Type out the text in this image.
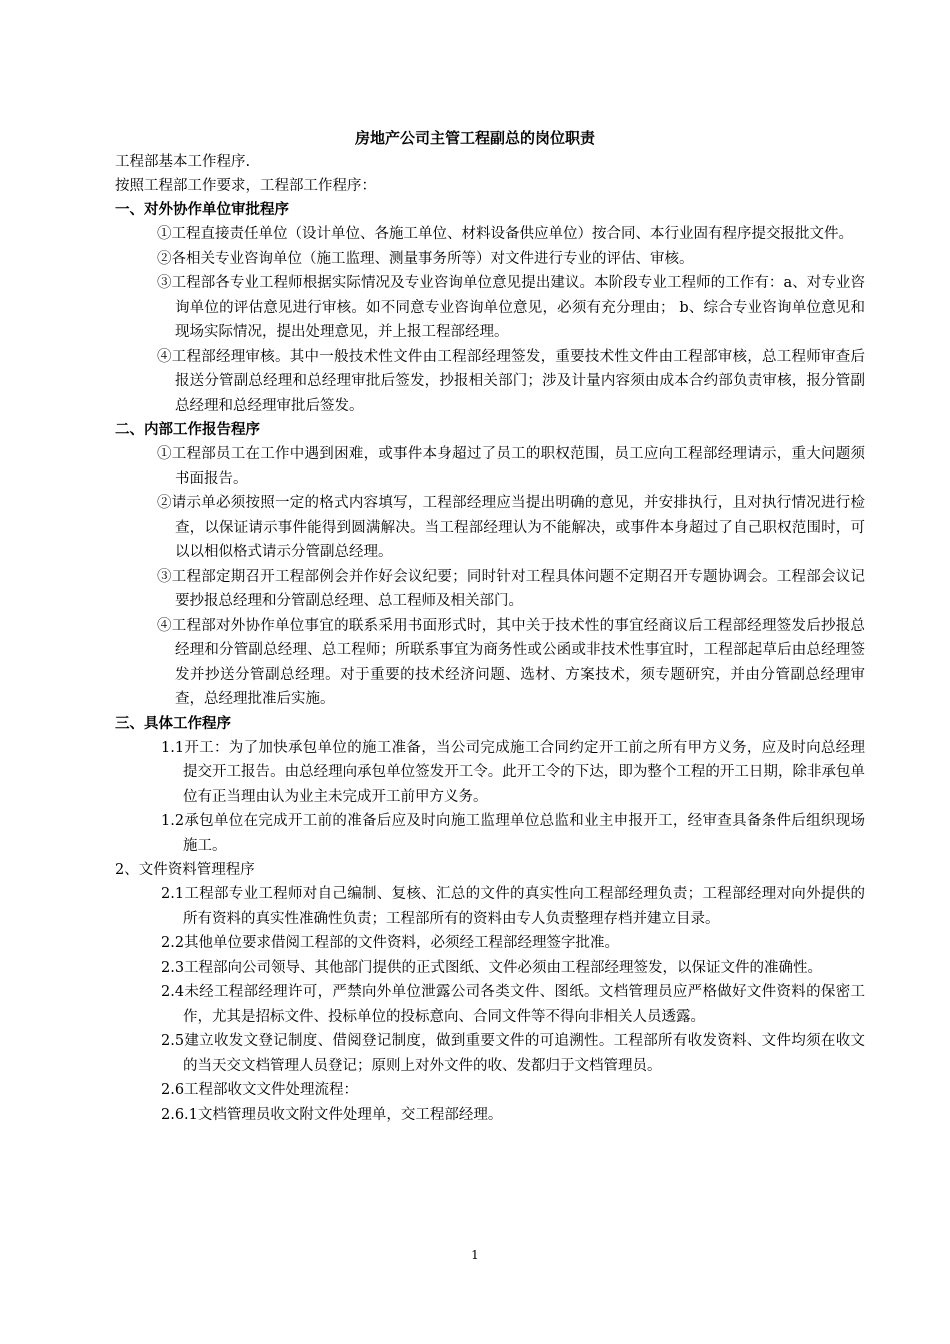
房地产公司主管工程副总的岗位职责

工程部基本工作程序.

按照工程部工作要求，工程部工作程序：

一、对外协作单位审批程序

①工程直接责任单位（设计单位、各施工单位、材料设备供应单位）按合同、本行业固有程序提交报批文件。

②各相关专业咨询单位（施工监理、测量事务所等）对文件进行专业的评估、审核。

③工程部各专业工程师根据实际情况及专业咨询单位意见提出建议。本阶段专业工程师的工作有：a、对专业咨询单位的评估意见进行审核。如不同意专业咨询单位意见，必须有充分理由； b、综合专业咨询单位意见和现场实际情况，提出处理意见，并上报工程部经理。

④工程部经理审核。其中一般技术性文件由工程部经理签发，重要技术性文件由工程部审核，总工程师审查后报送分管副总经理和总经理审批后签发，抄报相关部门；涉及计量内容须由成本合约部负责审核，报分管副总经理和总经理审批后签发。

二、内部工作报告程序

①工程部员工在工作中遇到困难，或事件本身超过了员工的职权范围，员工应向工程部经理请示，重大问题须书面报告。

②请示单必须按照一定的格式内容填写，工程部经理应当提出明确的意见，并安排执行，且对执行情况进行检查，以保证请示事件能得到圆满解决。当工程部经理认为不能解决，或事件本身超过了自己职权范围时，可以以相似格式请示分管副总经理。

③工程部定期召开工程部例会并作好会议纪要；同时针对工程具体问题不定期召开专题协调会。工程部会议记要抄报总经理和分管副总经理、总工程师及相关部门。

④工程部对外协作单位事宜的联系采用书面形式时，其中关于技术性的事宜经商议后工程部经理签发后抄报总经理和分管副总经理、总工程师；所联系事宜为商务性或公函或非技术性事宜时，工程部起草后由总经理签发并抄送分管副总经理。对于重要的技术经济问题、选材、方案技术，须专题研究，并由分管副总经理审查，总经理批准后实施。

三、具体工作程序

1.1开工：为了加快承包单位的施工准备，当公司完成施工合同约定开工前之所有甲方义务，应及时向总经理提交开工报告。由总经理向承包单位签发开工令。此开工令的下达，即为整个工程的开工日期，除非承包单位有正当理由认为业主未完成开工前甲方义务。

1.2承包单位在完成开工前的准备后应及时向施工监理单位总监和业主申报开工，经审查具备条件后组织现场施工。

2、文件资料管理程序

2.1工程部专业工程师对自己编制、复核、汇总的文件的真实性向工程部经理负责；工程部经理对向外提供的所有资料的真实性准确性负责；工程部所有的资料由专人负责整理存档并建立目录。

2.2其他单位要求借阅工程部的文件资料，必须经工程部经理签字批准。

2.3工程部向公司领导、其他部门提供的正式图纸、文件必须由工程部经理签发，以保证文件的准确性。

2.4未经工程部经理许可，严禁向外单位泄露公司各类文件、图纸。文档管理员应严格做好文件资料的保密工作，尤其是招标文件、投标单位的投标意向、合同文件等不得向非相关人员透露。

2.5建立收发文登记制度、借阅登记制度，做到重要文件的可追溯性。工程部所有收发资料、文件均须在收文的当天交文档管理人员登记；原则上对外文件的收、发都归于文档管理员。

2.6工程部收文文件处理流程：

2.6.1文档管理员收文附文件处理单，交工程部经理。

1
